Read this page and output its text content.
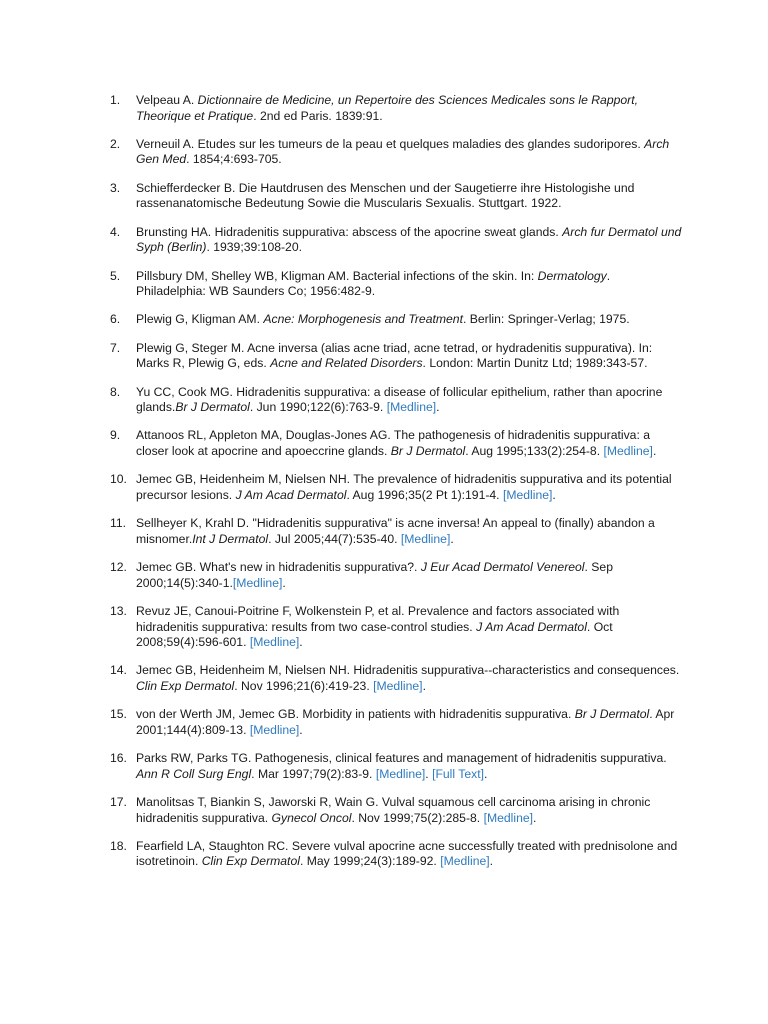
1.	Velpeau A. Dictionnaire de Medicine, un Repertoire des Sciences Medicales sons le Rapport, Theorique et Pratique. 2nd ed Paris. 1839:91.
2.	Verneuil A. Etudes sur les tumeurs de la peau et quelques maladies des glandes sudoripores. Arch Gen Med. 1854;4:693-705.
3.	Schiefferdecker B. Die Hautdrusen des Menschen und der Saugetierre ihre Histologishe und rassenanatomische Bedeutung Sowie die Muscularis Sexualis. Stuttgart. 1922.
4.	Brunsting HA. Hidradenitis suppurativa: abscess of the apocrine sweat glands. Arch fur Dermatol und Syph (Berlin). 1939;39:108-20.
5.	Pillsbury DM, Shelley WB, Kligman AM. Bacterial infections of the skin. In: Dermatology. Philadelphia: WB Saunders Co; 1956:482-9.
6.	Plewig G, Kligman AM. Acne: Morphogenesis and Treatment. Berlin: Springer-Verlag; 1975.
7.	Plewig G, Steger M. Acne inversa (alias acne triad, acne tetrad, or hydradenitis suppurativa). In: Marks R, Plewig G, eds. Acne and Related Disorders. London: Martin Dunitz Ltd; 1989:343-57.
8.	Yu CC, Cook MG. Hidradenitis suppurativa: a disease of follicular epithelium, rather than apocrine glands.Br J Dermatol. Jun 1990;122(6):763-9. [Medline].
9.	Attanoos RL, Appleton MA, Douglas-Jones AG. The pathogenesis of hidradenitis suppurativa: a closer look at apocrine and apoeccrine glands. Br J Dermatol. Aug 1995;133(2):254-8. [Medline].
10. Jemec GB, Heidenheim M, Nielsen NH. The prevalence of hidradenitis suppurativa and its potential precursor lesions. J Am Acad Dermatol. Aug 1996;35(2 Pt 1):191-4. [Medline].
11. Sellheyer K, Krahl D. "Hidradenitis suppurativa" is acne inversa! An appeal to (finally) abandon a misnomer.Int J Dermatol. Jul 2005;44(7):535-40. [Medline].
12. Jemec GB. What's new in hidradenitis suppurativa?. J Eur Acad Dermatol Venereol. Sep 2000;14(5):340-1.[Medline].
13. Revuz JE, Canoui-Poitrine F, Wolkenstein P, et al. Prevalence and factors associated with hidradenitis suppurativa: results from two case-control studies. J Am Acad Dermatol. Oct 2008;59(4):596-601. [Medline].
14. Jemec GB, Heidenheim M, Nielsen NH. Hidradenitis suppurativa--characteristics and consequences. Clin Exp Dermatol. Nov 1996;21(6):419-23. [Medline].
15. von der Werth JM, Jemec GB. Morbidity in patients with hidradenitis suppurativa. Br J Dermatol. Apr 2001;144(4):809-13. [Medline].
16. Parks RW, Parks TG. Pathogenesis, clinical features and management of hidradenitis suppurativa. Ann R Coll Surg Engl. Mar 1997;79(2):83-9. [Medline]. [Full Text].
17. Manolitsas T, Biankin S, Jaworski R, Wain G. Vulval squamous cell carcinoma arising in chronic hidradenitis suppurativa. Gynecol Oncol. Nov 1999;75(2):285-8. [Medline].
18. Fearfield LA, Staughton RC. Severe vulval apocrine acne successfully treated with prednisolone and isotretinoin. Clin Exp Dermatol. May 1999;24(3):189-92. [Medline].
